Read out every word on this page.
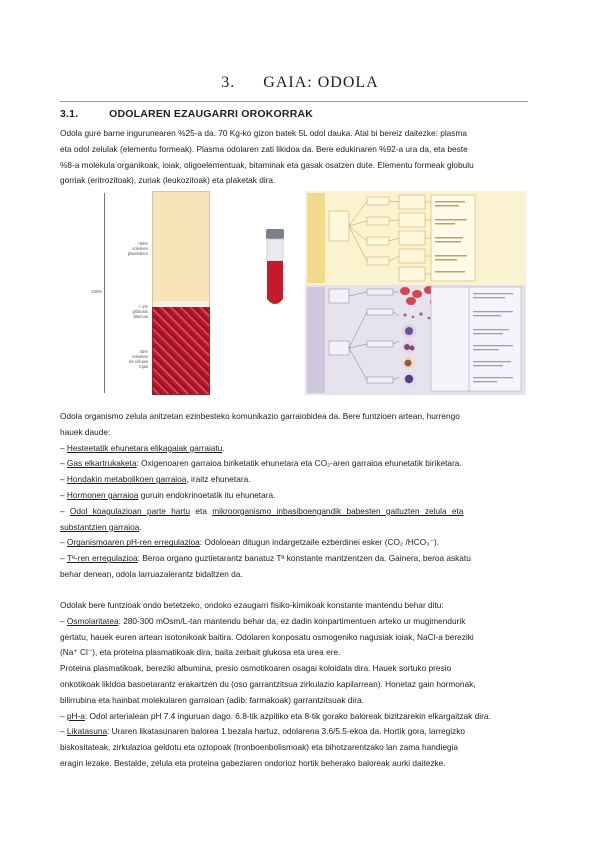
3. GAIA: ODOLA
3.1.	ODOLAREN EZAUGARRI OROKORRAK

Odola gure barne ingurunearen %25-a da. 70 Kg-ko gizon batek 5L odol dauka. Atal bi bereiz daitezke: plasma
eta odol zelulak (elementu formeak). Plasma odolaren zati likidoa da. Bere edukinaren %92-a ura da, eta beste
%8-a molekula organikoak, ioiak, oligoelementuak, bitaminak eta gasak osatzen dute. Elementu formeak globulu
gorriak (eritrozitoak), zuriak (leukozitoak) eta plaketak dira.

~55%
volumen
plasmático
< 1%
glóbulos
blancos
45%
volumen
de células
rojas
100%
Odola organismo zelula anitzetan ezinbesteko komunikazio garraiobidea da. Bere funtzioen artean, hurrengo
hauek daude:
– Hesteetatik ehunetara elikagaiak garraiatu.
– Gas elkartrukaketa: Oxigenoaren garraioa biriketatik ehunetara eta CO₂-aren garraioa ehunetatik biriketara.
– Hondakin metabolikoen garraioa, iraitz ehunetara.
– Hormonen garraioa guruin endokrinoetatik itu ehunetara.
– Odol koagulazioan parte hartu eta mikroorganismo inbasiboengandik babesten gaituzten zelula eta
substantzien garraioa.
– Organismoaren pH-ren erregulazioa: Odoloean ditugun indargetzaile ezberdinei esker (CO₂ /HCO₃⁻).
– Tª-ren erregulazioa: Beroa organo guztietarantz banatuz Tª konstante mantzentzen da. Gainera, beroa askatu
behar denean, odola larruazalerantz bidaltzen da.
Odolak bere funtzioak ondo betetzeko, ondoko ezaugarri fisiko-kimikoak konstante mantendu behar ditu:
– Osmolaritatea: 280-300 mOsm/L-tan mantendu behar da, ez dadin konpartimentuen arteko ur mugimendurik
gertatu, hauek euren artean isotonikoak baitira. Odolaren konposatu osmogeniko nagusiak ioiak, NaCl-a bereziki
(Na⁺ Cl⁻), eta proteina plasmatikoak dira, baita zerbait glukosa eta urea ere.
Proteina plasmatikoak, bereziki albumina, presio osmotikoaren osagai koloidala dira. Hauek sortuko presio
onkotikoak likidoa basoetarantz erakartzen du (oso garrantzitsua zirkulazio kapilarrean). Honetaz gain hormonak,
bilirrubina eta hainbat molekularen garraioan (adib: farmakoak) garrantzitsuak dira.
– pH-a: Odol arterialean pH 7.4 inguruan dago. 6.8-tik azpitiko eta 8-tik gorako baloreak bizitzarekin elkargaitzak dira.
– Likatasuna: Uraren likatasunaren balorea 1 bezala hartuz, odolarena 3.6/5.5-ekoa da. Hortik gora, larregizko
biskositateak, zirkulazioa geldotu eta oztopoak (tronboenbolismoak) eta bihotzarentzako lan zama handiegia
eragin lezake. Bestalde, zelula eta proteina gabeziaren ondorioz hortik beherako baloreak aurki daitezke.
